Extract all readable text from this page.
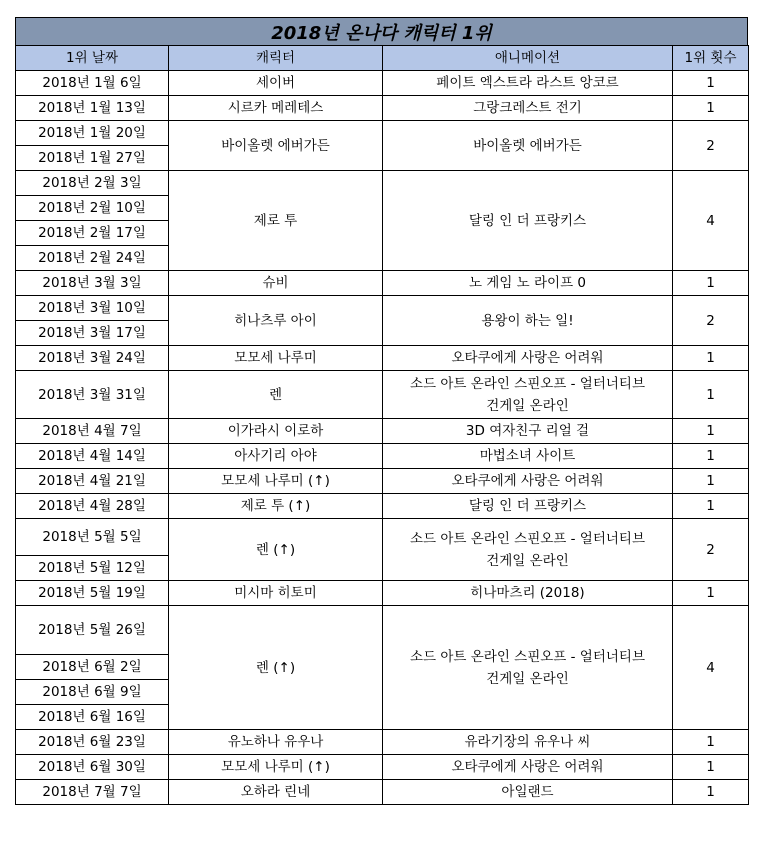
2018년 온나다 캐릭터 1위
1위 날짜	캐릭터	애니메이션	1위 횟수
2018년 1월 6일	세이버	페이트 엑스트라 라스트 앙코르	1
2018년 1월 13일	시르카 메레테스	그랑크레스트 전기	1
2018년 1월 20일	바이올렛 에버가든	바이올렛 에버가든	2
2018년 1월 27일			
2018년 2월 3일	제로 투	달링 인 더 프랑키스	4
2018년 2월 10일			
2018년 2월 17일			
2018년 2월 24일			
2018년 3월 3일	슈비	노 게임 노 라이프 0	1
2018년 3월 10일	히나츠루 아이	용왕이 하는 일!	2
2018년 3월 17일			
2018년 3월 24일	모모세 나루미	오타쿠에게 사랑은 어려워	1
2018년 3월 31일	렌	소드 아트 온라인 스핀오프 - 얼터너티브
건게일 온라인	1
2018년 4월 7일	이가라시 이로하	3D 여자친구 리얼 걸	1
2018년 4월 14일	아사기리 아야	마법소녀 사이트	1
2018년 4월 21일	모모세 나루미 (↑)	오타쿠에게 사랑은 어려워	1
2018년 4월 28일	제로 투 (↑)	달링 인 더 프랑키스	1
2018년 5월 5일	렌 (↑)	소드 아트 온라인 스핀오프 - 얼터너티브
건게일 온라인	2
2018년 5월 12일			
2018년 5월 19일	미시마 히토미	히나마츠리 (2018)	1
2018년 5월 26일	렌 (↑)	소드 아트 온라인 스핀오프 - 얼터너티브
건게일 온라인	4
2018년 6월 2일			
2018년 6월 9일			
2018년 6월 16일			
2018년 6월 23일	유노하나 유우나	유라기장의 유우나 씨	1
2018년 6월 30일	모모세 나루미 (↑)	오타쿠에게 사랑은 어려워	1
2018년 7월 7일	오하라 린네	아일랜드	1
